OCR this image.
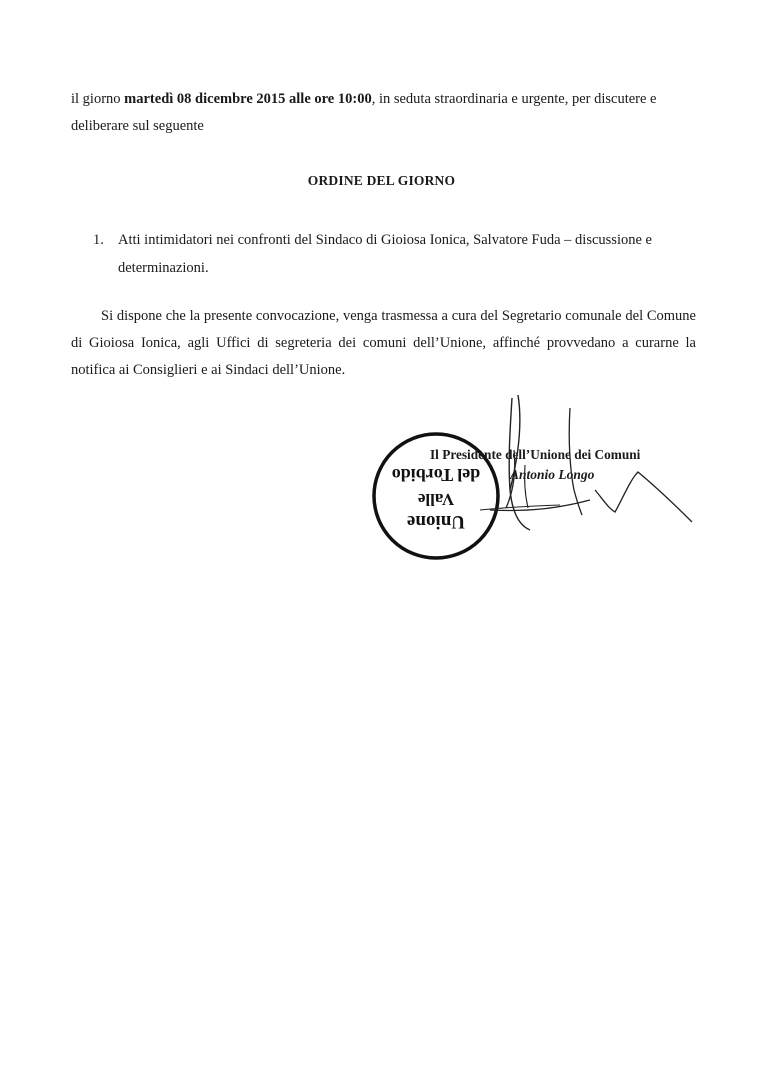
il giorno martedì 08 dicembre 2015 alle ore 10:00, in seduta straordinaria e urgente, per discutere e deliberare sul seguente

ORDINE DEL GIORNO
1. Atti intimidatori nei confronti del Sindaco di Gioiosa Ionica, Salvatore Fuda – discussione e determinazioni.

Si dispone che la presente convocazione, venga trasmessa a cura del Segretario comunale del Comune di Gioiosa Ionica, agli Uffici di segreteria dei comuni dell’Unione, affinché provvedano a curarne la notifica ai Consiglieri e ai Sindaci dell’Unione.

Unione
Valle
del Torbido
Il Presidente dell’Unione dei Comuni
Antonio Longo
